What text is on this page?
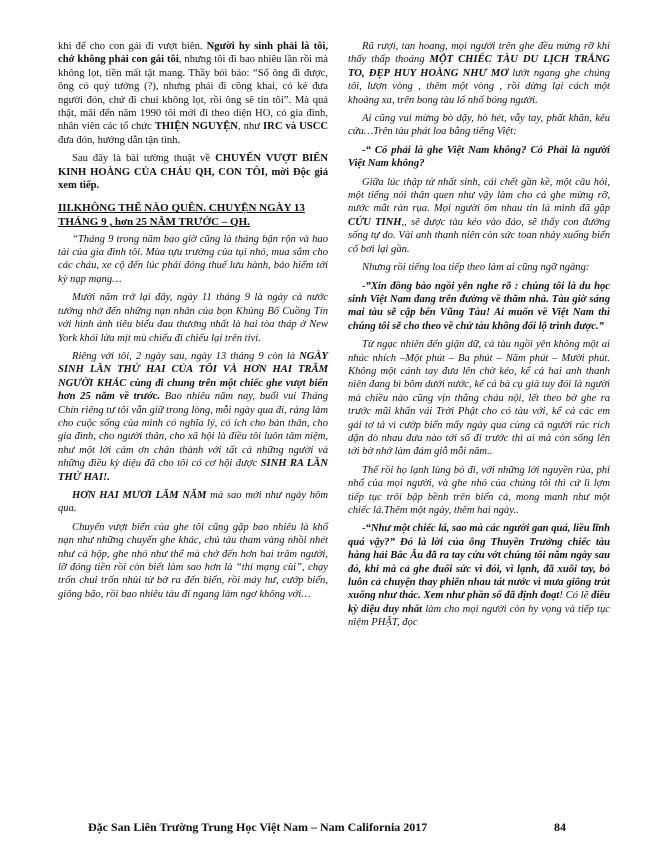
khi để cho con gái đi vượt biên. Người hy sinh phải là tôi, chớ không phải con gái tôi, nhưng tôi đi bao nhiêu lần rồi mà không lọt, tiền mất tật mang. Thầy bói bảo: “Số ông đi được, ông có quý tướng (?), nhưng phải đi công khai, có kẻ đưa người đón, chứ đi chui không lọt, rồi ông sẽ tin tôi”. Mà quả thật, mãi đến năm 1990 tôi mới đi theo diện HO, có gia đình, nhân viên các tổ chức THIỆN NGUYỆN, như IRC và USCC đưa đón, hướng dẫn tận tình.

Sau đây là bài tường thuật về CHUYẾN VƯỢT BIỂN KINH HOÀNG CỦA CHÁU QH, CON TÔI, mời Độc giả xem tiếp.

III.KHÔNG THỂ NÀO QUÊN. CHUYỆN NGÀY 13 THÁNG 9 , hơn 25 NĂM TRƯỚC – QH.

“Tháng 9 trong năm bao giờ cũng là tháng bận rộn và hao tài của gia đình tôi. Mùa tựu trường của tụi nhỏ, mua sắm cho các cháu, xe cộ đến lúc phải đóng thuế lưu hành, bảo hiểm tới kỳ nạp mạng…

Mười năm trở lại đây, ngày 11 tháng 9 là ngày cả nước tưởng nhớ đến những nạn nhân của bọn Khủng Bố Cuồng Tín với hình ảnh tiêu biểu đau thương nhất là hai tòa tháp ở New York khói lửa mịt mù chiếu đi chiếu lại trên tivi.

Riêng với tôi, 2 ngày sau, ngày 13 tháng 9 còn là NGÀY SINH LẦN THỨ HAI CỦA TÔI VÀ HƠN HAI TRĂM NGƯỜI KHÁC cùng đi chung trên một chiếc ghe vượt biển hơn 25 năm về trước. Bao nhiêu năm nay, buổi vui Tháng Chín riêng tư tôi vẫn giữ trong lòng, mỗi ngày qua đi, ràng làm cho cuộc sống của mình có nghĩa lý, có ích cho bản thân, cho gia đình, cho người thân, cho xã hội là điều tôi luôn tâm niệm, như một lời cám ơn chân thành với tất cả những người và những điều kỳ diệu đã cho tôi có cơ hội được SINH RA LẦN THỨ HAI!.

HƠN HAI MƯƠI LĂM NĂM mà sao mới như ngày hôm qua.

Chuyến vượt biển của ghe tôi cũng gặp bao nhiêu là khổ nạn như những chuyến ghe khác, chủ tàu tham vàng nhồi nhét như cá hộp, ghe nhỏ như thể mà chở đến hơn hai trăm người, lỡ đóng tiền rồi còn biết làm sao hơn là “thí mạng cùi”, chạy trốn chui trốn nhủi từ bờ ra đến biển, rồi máy hư, cướp biển, giông bão, rồi bao nhiêu tàu đi ngang làm ngơ không với…

Rũ rượi, tan hoang, mọi người trên ghe đều mừng rỡ khi thấy thấp thoáng MỘT CHIẾC TÀU DU LỊCH TRẮNG TO, ĐẸP HUY HOÀNG NHƯ MƠ lướt ngang ghe chúng tôi, lượn vòng , thêm một vòng , rồi dừng lại cách một khoảng xa, trên bong tàu lố nhố bóng người.

Ai cũng vui mừng bò dậy, hò hét, vẫy tay, phất khăn, kêu cứu…Trên tàu phát loa bằng tiếng Việt:

-“ Có phải là ghe Việt Nam không? Có Phải là người Việt Nam không?

Giữa lúc thập tử nhất sinh, cái chết gần kề, một câu hỏi, một tiếng nói thân quen như vậy làm cho cả ghe mừng rỡ, nước mắt ràn rụa. Mọi người ôm nhau tin là mình đã gặp CỨU TINH,, sẽ được tàu kéo vào đảo, sẽ thấy con đường sống tự do. Vài anh thanh niên còn sức toan nhảy xuống biển cố bơi lại gần.

Nhưng rồi tiếng loa tiếp theo làm ai cũng ngỡ ngàng:

-”Xin đồng bào ngồi yên nghe rõ : chúng tôi là du học sinh Việt Nam đang trên đường về thăm nhà. Tàu giờ sáng mai tàu sẽ cập bến Vũng Tàu! Ai muốn về Việt Nam thì chúng tôi sẽ cho theo về chứ tàu không đổi lộ trình được.”

Từ ngạc nhiên đến giận dữ, cả tàu ngồi yên không một ai nhúc nhích –Một phút – Ba phút – Năm phút – Mười phút. Không một cánh tay đưa lên chờ kéo, kể cả hai anh thanh niên đang bì bõm dưới nước, kể cả bà cụ già tuy đói lả người mà chiều nào cũng vịn thằng cháu nội, lết theo bờ ghe ra trước mũi khấn vái Trời Phật cho có tàu với, kể cả các em gái tơ tả vì cướp biển mấy ngày qua cùng cả người rúc rích dặn dò nhau đưa nào tới số đi trước thì ai mà còn sống lên tới bờ nhớ làm đám giỗ mỗi năm..

Thế rồi họ lạnh lùng bỏ đi, với những lời nguyền rủa, phỉ nhổ của mọi người, và ghe nhỏ của chúng tôi thì cứ lì lợm tiếp tục trôi bập bềnh trên biển cả, mong manh như một chiếc lá.Thêm một ngày, thêm hai ngày..

-“Như một chiếc lá, sao mà các người gan quá, liều lĩnh quá vậy?” Đó là lời của ông Thuyền Trưởng chiếc tàu hàng hải Bắc Âu đã ra tay cứu vớt chúng tôi năm ngày sau đó, khi mà cả ghe đuối sức vì đói, vì lạnh, đã xuôi tay, bỏ luôn cả chuyện thay phiên nhau tát nước vì mưa giông trút xuống như thác. Xem như phần số đã định đoạt! Có lẽ điều kỳ diệu duy nhất làm cho mọi người còn hy vọng và tiếp tục niệm PHẬT, đọc

Đặc San Liên Trường Trung Học Việt Nam – Nam California 2017	84
